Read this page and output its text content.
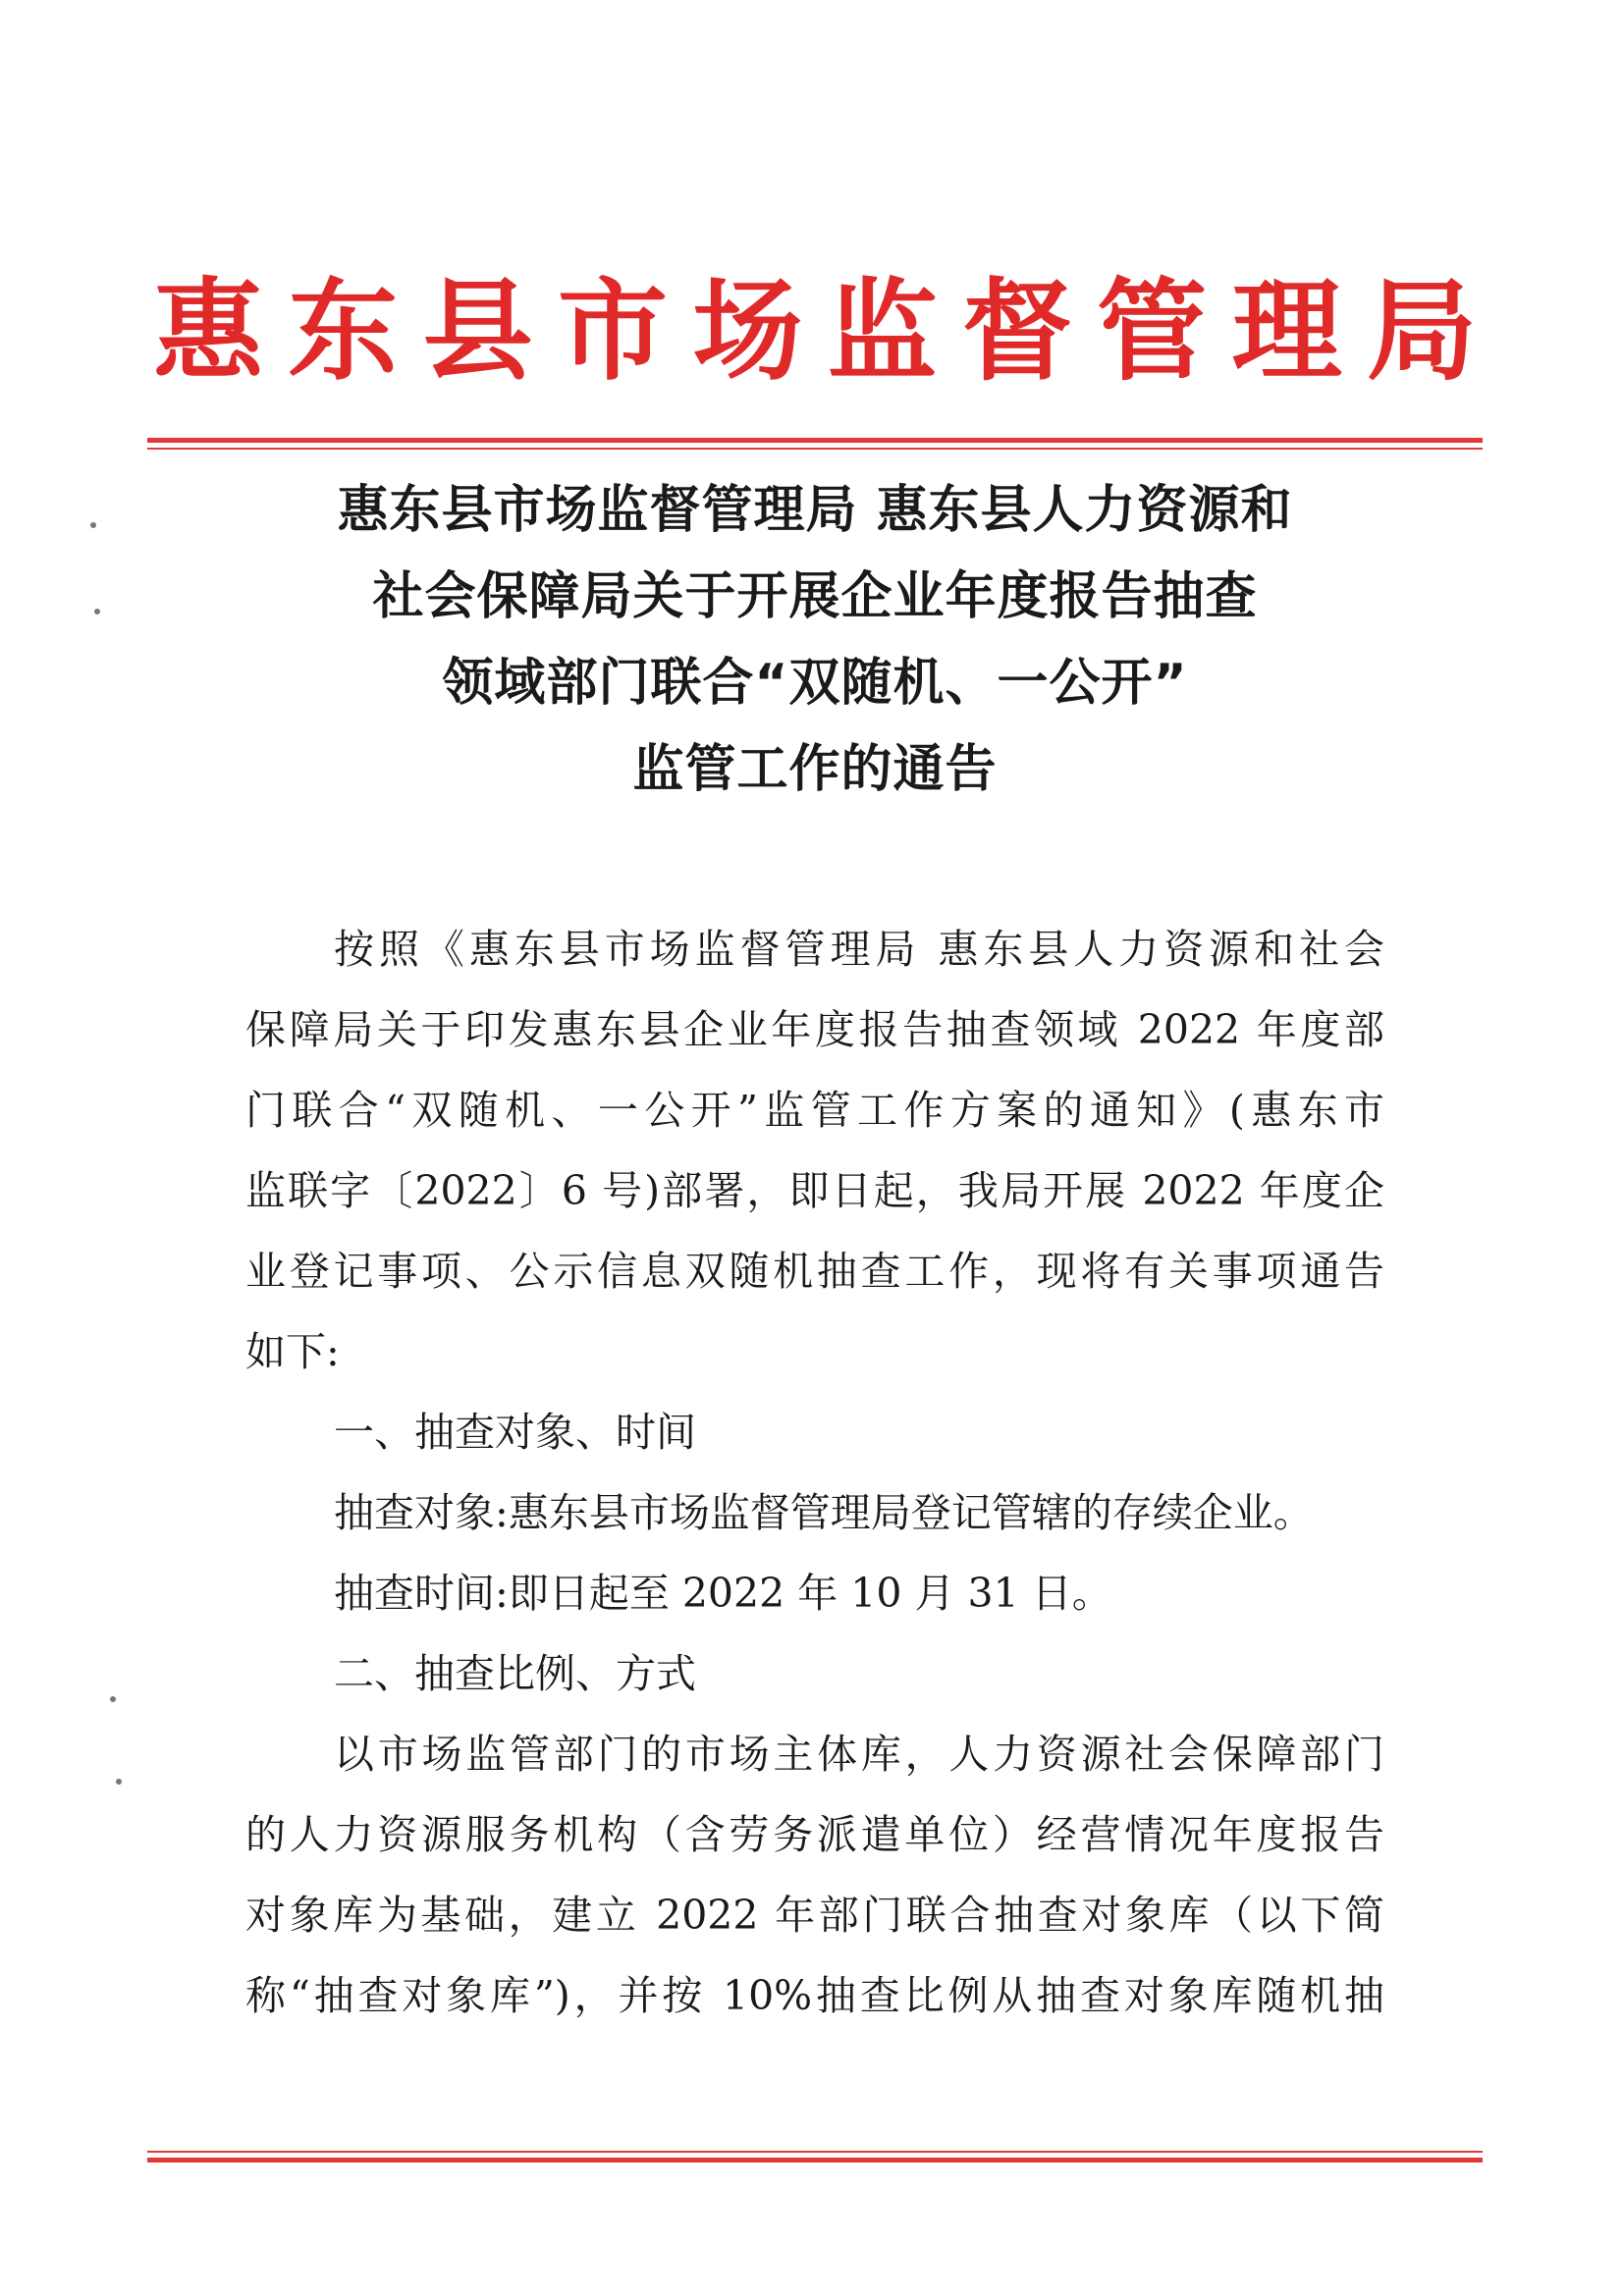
惠 东 县 市 场 监 督 管 理 局
惠东县市场监督管理局 惠东县人力资源和
社会保障局关于开展企业年度报告抽查
领域部门联合“双随机、一公开”
监管工作的通告
按照《惠东县市场监督管理局 惠东县人力资源和社会
保障局关于印发惠东县企业年度报告抽查领域 2022 年度部
门联合“双随机、一公开”监管工作方案的通知》(惠东市
监联字〔2022〕6 号)部署，即日起，我局开展 2022 年度企
业登记事项、公示信息双随机抽查工作，现将有关事项通告
如下:
一、抽查对象、时间
抽查对象:惠东县市场监督管理局登记管辖的存续企业。
抽查时间:即日起至 2022 年 10 月 31 日。
二、抽查比例、方式
以市场监管部门的市场主体库，人力资源社会保障部门
的人力资源服务机构（含劳务派遣单位）经营情况年度报告
对象库为基础，建立 2022 年部门联合抽查对象库（以下简
称“抽查对象库”)，并按 10%抽查比例从抽查对象库随机抽
